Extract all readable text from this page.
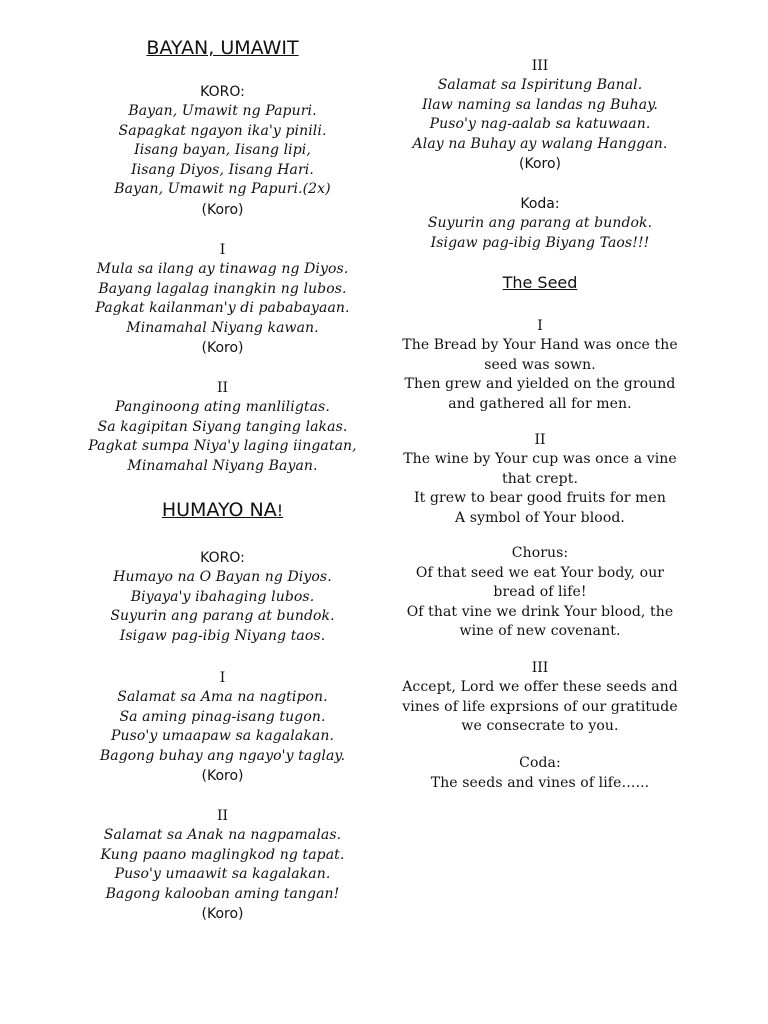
BAYAN, UMAWIT
KORO:
Bayan, Umawit ng Papuri.
Sapagkat ngayon ika'y pinili.
Iisang bayan, Iisang lipi,
Iisang Diyos, Iisang Hari.
Bayan, Umawit ng Papuri.(2x)
(Koro)
I
Mula sa ilang ay tinawag ng Diyos.
Bayang lagalag inangkin ng lubos.
Pagkat kailanman'y di pababayaan.
Minamahal Niyang kawan.
(Koro)
II
Panginoong ating manliligtas.
Sa kagipitan Siyang tanging lakas.
Pagkat sumpa Niya'y laging iingatan,
Minamahal Niyang Bayan.
HUMAYO NA!
KORO:
Humayo na O Bayan ng Diyos.
Biyaya'y ibahaging lubos.
Suyurin ang parang at bundok.
Isigaw pag-ibig Niyang taos.
I
Salamat sa Ama na nagtipon.
Sa aming pinag-isang tugon.
Puso'y umaapaw sa kagalakan.
Bagong buhay ang ngayo'y taglay.
(Koro)
II
Salamat sa Anak na nagpamalas.
Kung paano maglingkod ng tapat.
Puso'y umaawit sa kagalakan.
Bagong kalooban aming tangan!
(Koro)
III
Salamat sa Ispiritung Banal.
Ilaw naming sa landas ng Buhay.
Puso'y nag-aalab sa katuwaan.
Alay na Buhay ay walang Hanggan.
(Koro)
Koda:
Suyurin ang parang at bundok.
Isigaw pag-ibig Biyang Taos!!!
The Seed
I
The Bread by Your Hand was once the
seed was sown.
Then grew and yielded on the ground
and gathered all for men.
II
The wine by Your cup was once a vine
that crept.
It grew to bear good fruits for men
A symbol of Your blood.
Chorus:
Of that seed we eat Your body, our
bread of life!
Of that vine we drink Your blood, the
wine of new covenant.
III
Accept, Lord we offer these seeds and
vines of life exprsions of our gratitude
we consecrate to you.
Coda:
The seeds and vines of life…...
